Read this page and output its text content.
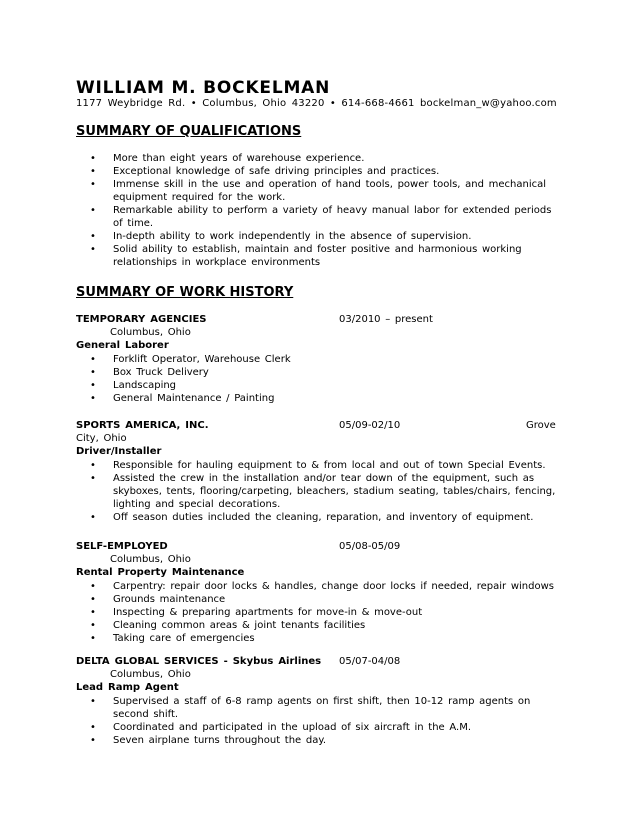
WILLIAM M. BOCKELMAN
1177 Weybridge Rd. • Columbus, Ohio 43220 • 614-668-4661 bockelman_w@yahoo.com
SUMMARY OF QUALIFICATIONS
• More than eight years of warehouse experience.
• Exceptional knowledge of safe driving principles and practices.
• Immense skill in the use and operation of hand tools, power tools, and mechanical equipment required for the work.
• Remarkable ability to perform a variety of heavy manual labor for extended periods of time.
• In-depth ability to work independently in the absence of supervision.
• Solid ability to establish, maintain and foster positive and harmonious working relationships in workplace environments
SUMMARY OF WORK HISTORY
TEMPORARY AGENCIES	03/2010 – present
Columbus, Ohio
General Laborer
• Forklift Operator, Warehouse Clerk
• Box Truck Delivery
• Landscaping
• General Maintenance / Painting
SPORTS AMERICA, INC.	05/09-02/10	Grove
City, Ohio
Driver/Installer
• Responsible for hauling equipment to & from local and out of town Special Events.
• Assisted the crew in the installation and/or tear down of the equipment, such as skyboxes, tents, flooring/carpeting, bleachers, stadium seating, tables/chairs, fencing, lighting and special decorations.
• Off season duties included the cleaning, reparation, and inventory of equipment.
SELF-EMPLOYED	05/08-05/09
Columbus, Ohio
Rental Property Maintenance
• Carpentry: repair door locks & handles, change door locks if needed, repair windows
• Grounds maintenance
• Inspecting & preparing apartments for move-in & move-out
• Cleaning common areas & joint tenants facilities
• Taking care of emergencies
DELTA GLOBAL SERVICES - Skybus Airlines 05/07-04/08
Columbus, Ohio
Lead Ramp Agent
• Supervised a staff of 6-8 ramp agents on first shift, then 10-12 ramp agents on second shift.
• Coordinated and participated in the upload of six aircraft in the A.M.
• Seven airplane turns throughout the day.
